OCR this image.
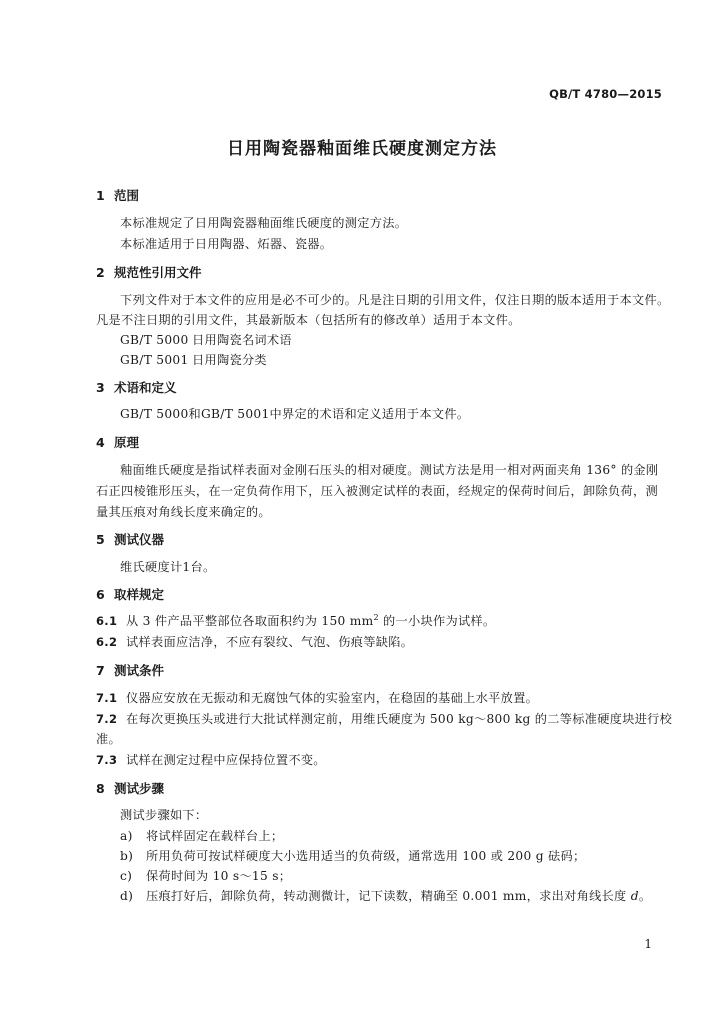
QB/T 4780—2015
日用陶瓷器釉面维氏硬度测定方法
1 范围
本标准规定了日用陶瓷器釉面维氏硬度的测定方法。
本标准适用于日用陶器、炻器、瓷器。
2 规范性引用文件
下列文件对于本文件的应用是必不可少的。凡是注日期的引用文件，仅注日期的版本适用于本文件。
凡是不注日期的引用文件，其最新版本（包括所有的修改单）适用于本文件。
GB/T 5000 日用陶瓷名词术语
GB/T 5001 日用陶瓷分类
3 术语和定义
GB/T 5000和GB/T 5001中界定的术语和定义适用于本文件。
4 原理
釉面维氏硬度是指试样表面对金刚石压头的相对硬度。测试方法是用一相对两面夹角 136° 的金刚
石正四棱锥形压头，在一定负荷作用下，压入被测定试样的表面，经规定的保荷时间后，卸除负荷，测
量其压痕对角线长度来确定的。
5 测试仪器
维氏硬度计1台。
6 取样规定
6.1 从 3 件产品平整部位各取面积约为 150 $mm^2$ 的一小块作为试样。
6.2 试样表面应洁净，不应有裂纹、气泡、伤痕等缺陷。
7 测试条件
7.1 仪器应安放在无振动和无腐蚀气体的实验室内，在稳固的基础上水平放置。
7.2 在每次更换压头或进行大批试样测定前，用维氏硬度为 500 kg～800 kg 的二等标准硬度块进行校
准。
7.3 试样在测定过程中应保持位置不变。
8 测试步骤
测试步骤如下：
a) 将试样固定在载样台上；
b) 所用负荷可按试样硬度大小选用适当的负荷级，通常选用 100 或 200 g 砝码；
c) 保荷时间为 10 s～15 s；
d) 压痕打好后，卸除负荷，转动测微计，记下读数，精确至 0.001 mm，求出对角线长度 d。
1
